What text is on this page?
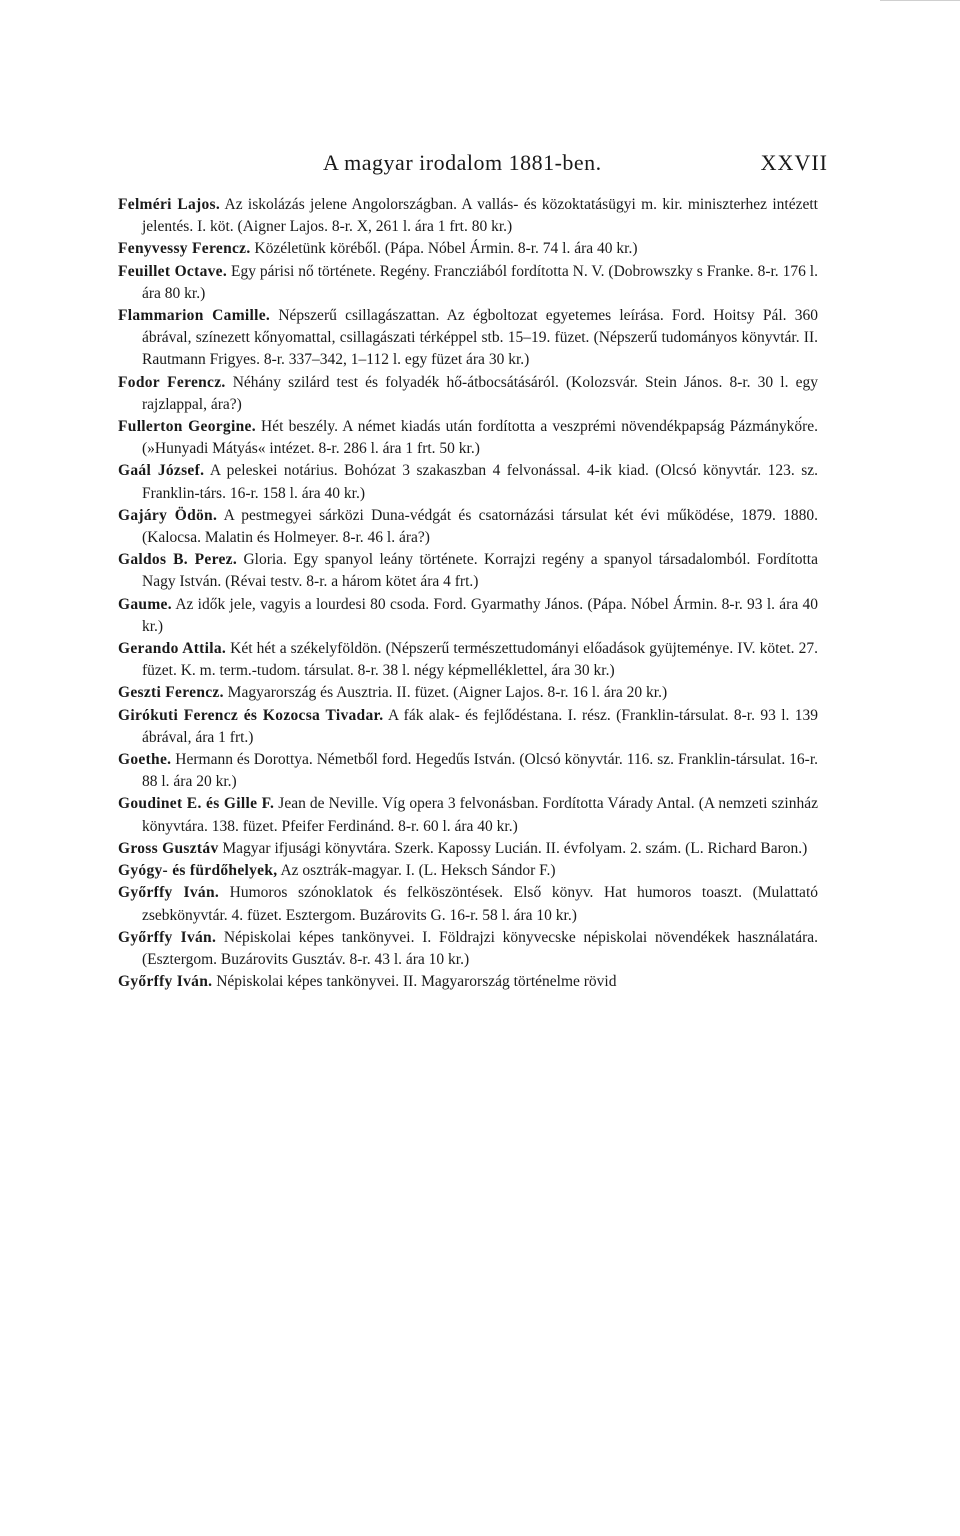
A magyar irodalom 1881-ben.	XXVII

Felméri Lajos. Az iskolázás jelene Angolországban. A vallás- és közoktatásügyi m. kir. miniszterhez intézett jelentés. I. köt. (Aigner Lajos. 8-r. X, 261 l. ára 1 frt. 80 kr.)

Fenyvessy Ferencz. Közéletünk köréből. (Pápa. Nóbel Ármin. 8-r. 74 l. ára 40 kr.)

Feuillet Octave. Egy párisi nő története. Regény. Francziából fordította N. V. (Dobrowszky s Franke. 8-r. 176 l. ára 80 kr.)

Flammarion Camille. Népszerű csillagászattan. Az égboltozat egyetemes leírása. Ford. Hoitsy Pál. 360 ábrával, színezett kőnyomattal, csillagászati térképpel stb. 15–19. füzet. (Népszerű tudományos könyvtár. II. Rautmann Frigyes. 8-r. 337–342, 1–112 l. egy füzet ára 30 kr.)

Fodor Ferencz. Néhány szilárd test és folyadék hő-átbocsátásáról. (Kolozsvár. Stein János. 8-r. 30 l. egy rajzlappal, ára?)

Fullerton Georgine. Hét beszély. A német kiadás után fordította a veszprémi növendékpapság Pázmánykö́re. (»Hunyadi Mátyás« intézet. 8-r. 286 l. ára 1 frt. 50 kr.)

Gaál József. A peleskei notárius. Bohózat 3 szakaszban 4 felvonással. 4-ik kiad. (Olcsó könyvtár. 123. sz. Franklin-társ. 16-r. 158 l. ára 40 kr.)

Gajáry Ödön. A pestmegyei sárközi Duna-védgát és csatornázási társulat két évi működése, 1879. 1880. (Kalocsa. Malatin és Holmeyer. 8-r. 46 l. ára?)

Galdos B. Perez. Gloria. Egy spanyol leány története. Korrajzi regény a spanyol társadalomból. Fordította Nagy István. (Révai testv. 8-r. a három kötet ára 4 frt.)

Gaume. Az idők jele, vagyis a lourdesi 80 csoda. Ford. Gyarmathy János. (Pápa. Nóbel Ármin. 8-r. 93 l. ára 40 kr.)

Gerando Attila. Két hét a székelyföldön. (Népszerű természettudományi előadások gyüjteménye. IV. kötet. 27. füzet. K. m. term.-tudom. társulat. 8-r. 38 l. négy képmelléklettel, ára 30 kr.)

Geszti Ferencz. Magyarország és Ausztria. II. füzet. (Aigner Lajos. 8-r. 16 l. ára 20 kr.)

Girókuti Ferencz és Kozocsa Tivadar. A fák alak- és fejlődéstana. I. rész. (Franklin-társulat. 8-r. 93 l. 139 ábrával, ára 1 frt.)

Goethe. Hermann és Dorottya. Németből ford. Hegedűs István. (Olcsó könyvtár. 116. sz. Franklin-társulat. 16-r. 88 l. ára 20 kr.)

Goudinet E. és Gille F. Jean de Neville. Víg opera 3 felvonásban. Fordította Várady Antal. (A nemzeti szinház könyvtára. 138. füzet. Pfeifer Ferdinánd. 8-r. 60 l. ára 40 kr.)

Gross Gusztáv Magyar ifjusági könyvtára. Szerk. Kapossy Lucián. II. évfolyam. 2. szám. (L. Richard Baron.)

Gyógy- és fürdőhelyek, Az osztrák-magyar. I. (L. Heksch Sándor F.)

Győrffy Iván. Humoros szónoklatok és felköszöntések. Első könyv. Hat humoros toaszt. (Mulattató zsebkönyvtár. 4. füzet. Esztergom. Buzárovits G. 16-r. 58 l. ára 10 kr.)

Győrffy Iván. Népiskolai képes tankönyvei. I. Földrajzi könyvecske népiskolai növendékek használatára. (Esztergom. Buzárovits Gusztáv. 8-r. 43 l. ára 10 kr.)

Győrffy Iván. Népiskolai képes tankönyvei. II. Magyarország történelme rövid
